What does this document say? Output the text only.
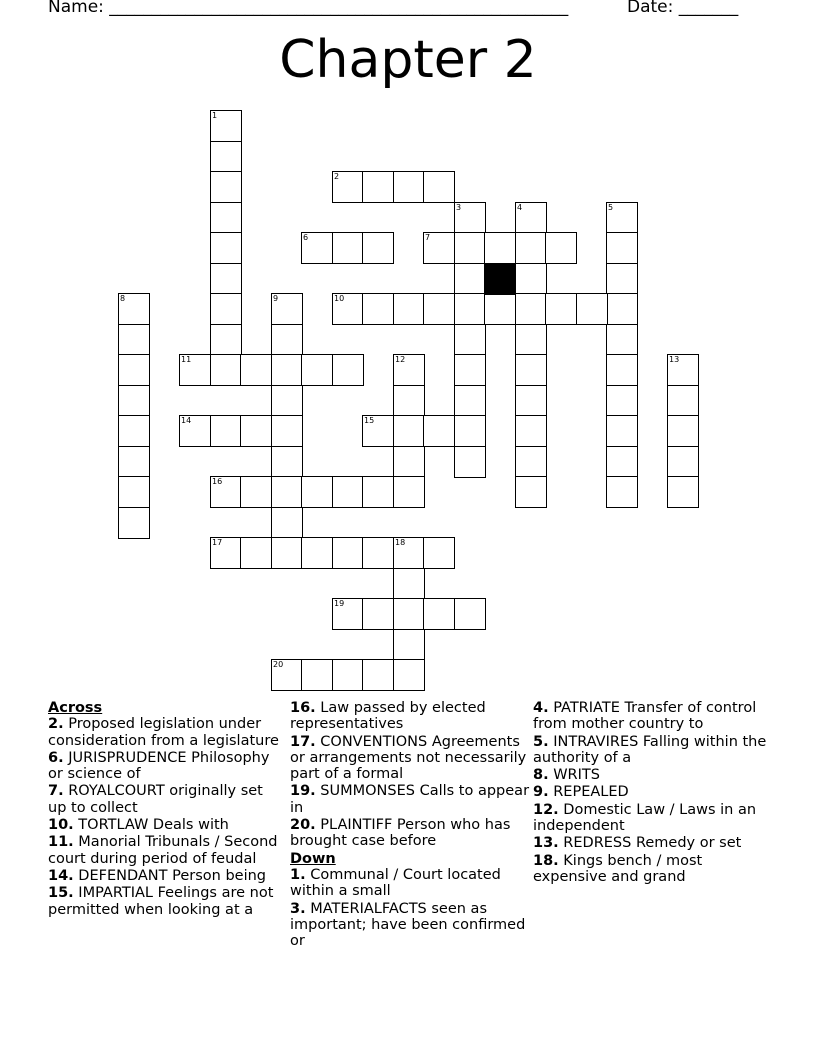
Name: ______________________________________________________	Date: _______
Chapter 2
1
2
3	4	5
6	7
8	9	10
11	12	13
14	15
16
17	18
19
20
Across
2. Proposed legislation under consideration from a legislature
6. JURISPRUDENCE Philosophy or science of
7. ROYALCOURT originally set up to collect
10. TORTLAW Deals with
11. Manorial Tribunals / Second court during period of feudal
14. DEFENDANT Person being
15. IMPARTIAL Feelings are not permitted when looking at a
16. Law passed by elected representatives
17. CONVENTIONS Agreements or arrangements not necessarily part of a formal
19. SUMMONSES Calls to appear in
20. PLAINTIFF Person who has brought case before
Down
1. Communal / Court located within a small
3. MATERIALFACTS seen as important; have been confirmed or
4. PATRIATE Transfer of control from mother country to
5. INTRAVIRES Falling within the authority of a
8. WRITS
9. REPEALED
12. Domestic Law / Laws in an independent
13. REDRESS Remedy or set
18. Kings bench / most expensive and grand
